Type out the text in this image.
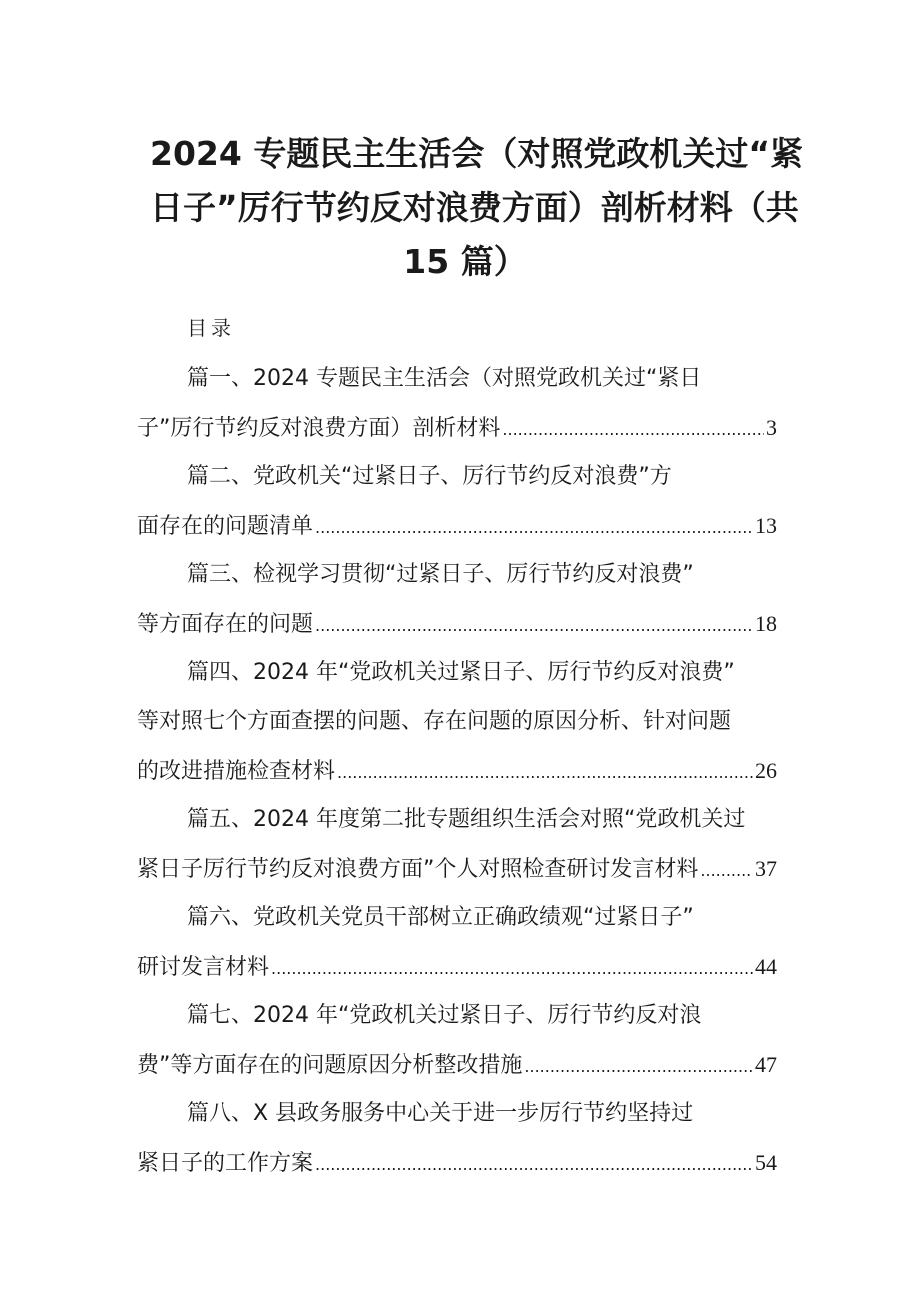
2024 专题民主生活会（对照党政机关过“紧
日子”厉行节约反对浪费方面）剖析材料（共
15 篇）
目录
篇一、2024 专题民主生活会（对照党政机关过“紧日
子”厉行节约反对浪费方面）剖析材料 .....	3
篇二、党政机关“过紧日子、厉行节约反对浪费”方
面存在的问题清单 .....	13
篇三、检视学习贯彻“过紧日子、厉行节约反对浪费”
等方面存在的问题 .....	18
篇四、2024 年“党政机关过紧日子、厉行节约反对浪费”
等对照七个方面查摆的问题、存在问题的原因分析、针对问题
的改进措施检查材料 .....	26
篇五、2024 年度第二批专题组织生活会对照“党政机关过
紧日子厉行节约反对浪费方面”个人对照检查研讨发言材料 .....	37
篇六、党政机关党员干部树立正确政绩观“过紧日子”
研讨发言材料 .....	44
篇七、2024 年“党政机关过紧日子、厉行节约反对浪
费”等方面存在的问题原因分析整改措施 .....	47
篇八、X 县政务服务中心关于进一步厉行节约坚持过
紧日子的工作方案 .....	54
